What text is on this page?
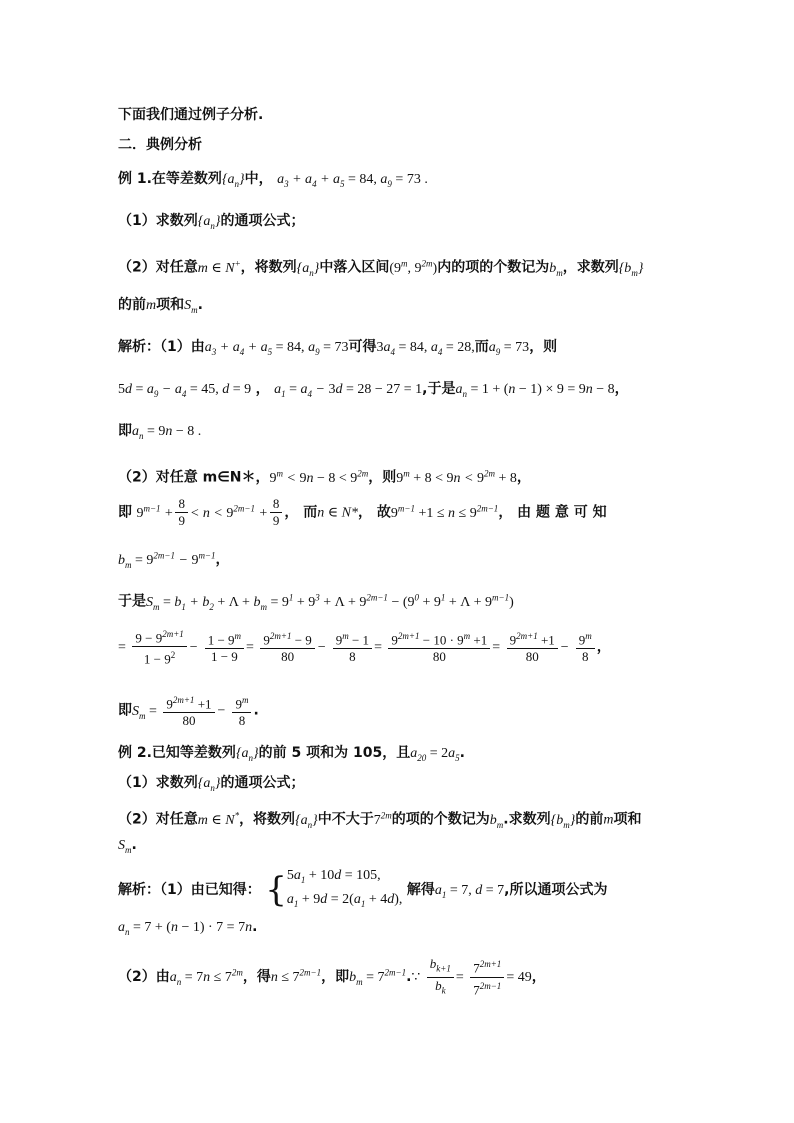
下面我们通过例子分析.
二．典例分析
例 1.在等差数列$\{a_n\}$中， $a_3 + a_4 + a_5 = 84$, $a_9 = 73$ .
（1）求数列$\{a_n\}$的通项公式；
（2）对任意m ∈ N+，将数列$\{a_n\}$中落入区间(9$^m$, $9^{2m}$)内的项的个数记为$b_m$，求数列$\{b_m\}$
的前m项和$S_m$.
解析：（1）由$a_3 + a_4 + a_5 = 84$, $a_9 = 73$可得$3a_4 = 84$, $a_4 = 28$,而$a_9 = 73$，则
$5d = a_9 - a_4 = 45$, d = 9 ， $a_1 = a_4 - 3d = 28 - 27 = 1$,于是$a_n = 1 + (n - 1) \times 9 = 9n - 8$，
即$a_n = 9n - 8$ .
（2）对任意 m∈N＊，$9^m < 9n - 8 < 9^{2m}$，则$9^m + 8 < 9n < 9^{2m} + 8$，
即 $9^{m-1} + \frac{8}{9} < n < 9^{2m-1} + \frac{8}{9}$ ， 而n ∈ N*， 故$9^{m-1} +1 \le n \le 9^{2m-1}$， 由 题 意 可 知
$b_m = 9^{2m-1} - 9^{m-1}$，
于是$S_m = b_1 + b_2 + \Lambda + b_m = 9^1 + 9^3 + \Lambda + 9^{2m-1} - (9^0 + 9^1 + \Lambda + 9^{m-1})$
= $\frac{9 - 9^{2m+1}}{1 - 9^2} - \frac{1 - 9^m}{1 - 9} = \frac{9^{2m+1} - 9}{80} - \frac{9^m - 1}{8} = \frac{9^{2m+1} - 10 \cdot 9^m +1}{80} = \frac{9^{2m+1} +1}{80} - \frac{9^m}{8}$ ，
即$S_m = \frac{9^{2m+1} +1}{80} - \frac{9^m}{8}$ .
例 2.已知等差数列$\{a_n\}$的前 5 项和为 105，且$a_{20} = 2a_5$.
（1）求数列$\{a_n\}$的通项公式；
（2）对任意m ∈ N*，将数列$\{a_n\}$中不大于$7^{2m}$的项的个数记为$b_m$.求数列$\{b_m\}$的前m项和
$S_m$.
解析：（1）由已知得： { $5a_1 + 10d = 105$,
$a_1 + 9d = 2(a_1 + 4d)$,
解得$a_1 = 7$, d = 7,所以通项公式为
$a_n = 7 + (n - 1) \cdot 7 = 7n$.
（2）由$a_n = 7n \le 7^{2m}$，得$n \le 7^{2m-1}$，即$b_m$ = $7^{2m-1}.\because \frac{b_{k+1}}{b_k} = \frac{7^{2m+1}}{7^{2m-1}} = 49$，
